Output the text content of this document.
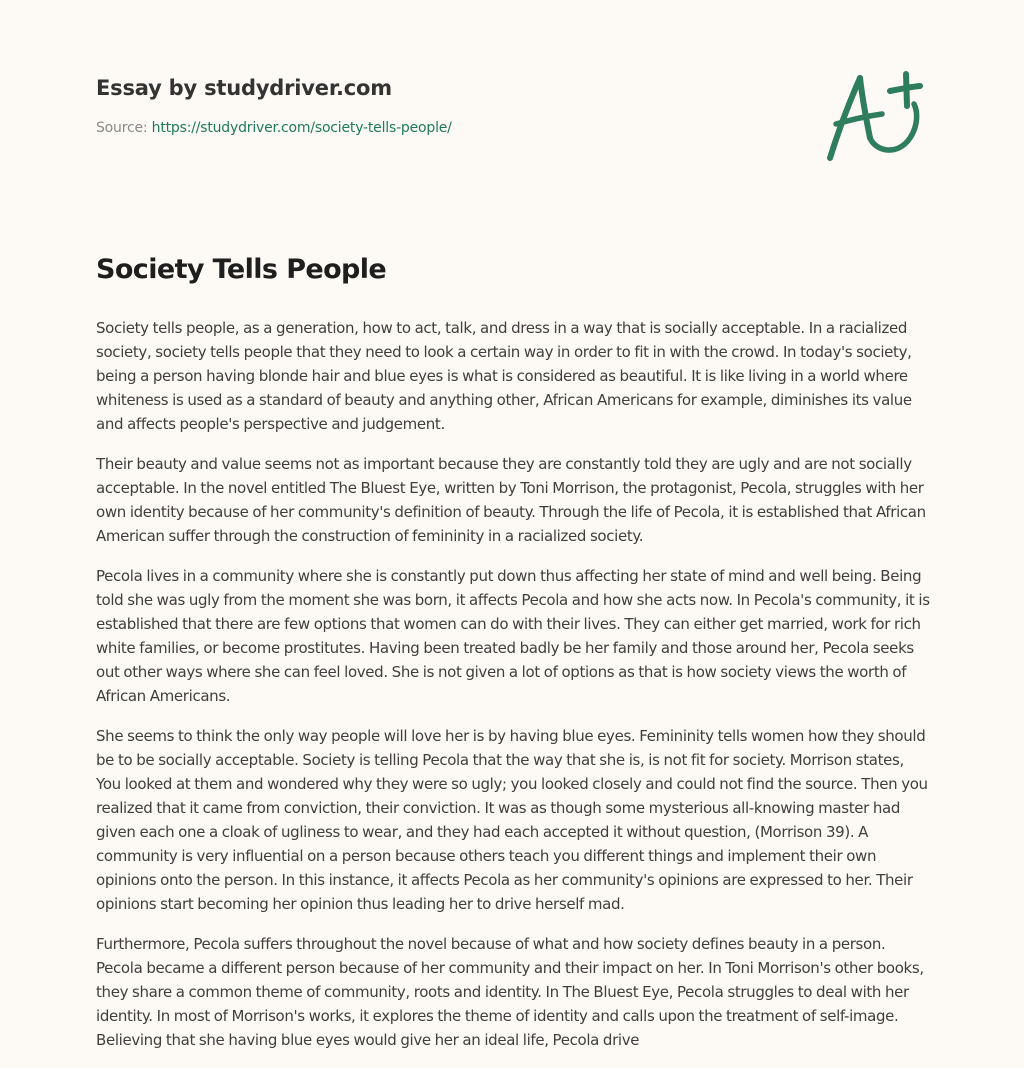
Essay by studydriver.com
Source: https://studydriver.com/society-tells-people/
Society Tells People

Society tells people, as a generation, how to act, talk, and dress in a way that is socially acceptable. In a racialized society, society tells people that they need to look a certain way in order to fit in with the crowd. In today's society, being a person having blonde hair and blue eyes is what is considered as beautiful. It is like living in a world where whiteness is used as a standard of beauty and anything other, African Americans for example, diminishes its value and affects people's perspective and judgement.

Their beauty and value seems not as important because they are constantly told they are ugly and are not socially acceptable. In the novel entitled The Bluest Eye, written by Toni Morrison, the protagonist, Pecola, struggles with her own identity because of her community's definition of beauty. Through the life of Pecola, it is established that African American suffer through the construction of femininity in a racialized society.

Pecola lives in a community where she is constantly put down thus affecting her state of mind and well being. Being told she was ugly from the moment she was born, it affects Pecola and how she acts now. In Pecola's community, it is established that there are few options that women can do with their lives. They can either get married, work for rich white families, or become prostitutes. Having been treated badly be her family and those around her, Pecola seeks out other ways where she can feel loved. She is not given a lot of options as that is how society views the worth of African Americans.

She seems to think the only way people will love her is by having blue eyes. Femininity tells women how they should be to be socially acceptable. Society is telling Pecola that the way that she is, is not fit for society. Morrison states, You looked at them and wondered why they were so ugly; you looked closely and could not find the source. Then you realized that it came from conviction, their conviction. It was as though some mysterious all-knowing master had given each one a cloak of ugliness to wear, and they had each accepted it without question, (Morrison 39). A community is very influential on a person because others teach you different things and implement their own opinions onto the person. In this instance, it affects Pecola as her community's opinions are expressed to her. Their opinions start becoming her opinion thus leading her to drive herself mad.

Furthermore, Pecola suffers throughout the novel because of what and how society defines beauty in a person. Pecola became a different person because of her community and their impact on her. In Toni Morrison's other books, they share a common theme of community, roots and identity. In The Bluest Eye, Pecola struggles to deal with her identity. In most of Morrison's works, it explores the theme of identity and calls upon the treatment of self-image. Believing that she having blue eyes would give her an ideal life, Pecola drive
